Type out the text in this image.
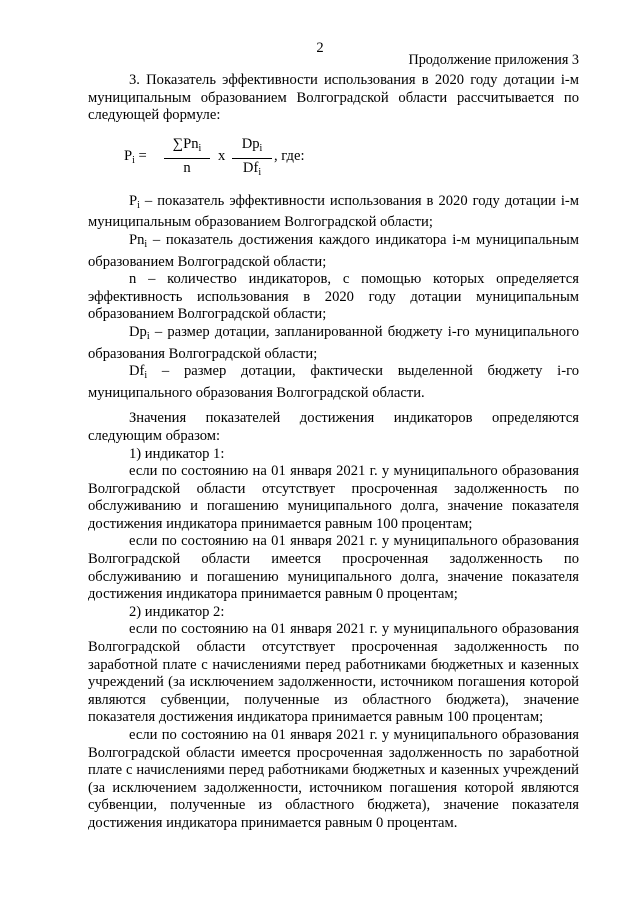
2
Продолжение приложения 3

3. Показатель эффективности использования в 2020 году дотации i-м муниципальным образованием Волгоградской области рассчитывается по следующей формуле:

$P_i$ =
$\sum Pn_i$
n
x
$Dp_i$
$Df_i$
, где:

$P_i$ – показатель эффективности использования в 2020 году дотации i-м муниципальным образованием Волгоградской области;

$Pn_i$ – показатель достижения каждого индикатора i-м муниципальным образованием Волгоградской области;

n – количество индикаторов, с помощью которых определяется эффективность использования в 2020 году дотации муниципальным образованием Волгоградской области;

$Dp_i$ – размер дотации, запланированной бюджету i-го муниципального образования Волгоградской области;

$Df_i$ – размер дотации, фактически выделенной бюджету i-го муниципального образования Волгоградской области.

Значения показателей достижения индикаторов определяются следующим образом:

1) индикатор 1:

если по состоянию на 01 января 2021 г. у муниципального образования Волгоградской области отсутствует просроченная задолженность по обслуживанию и погашению муниципального долга, значение показателя достижения индикатора принимается равным 100 процентам;

если по состоянию на 01 января 2021 г. у муниципального образования Волгоградской области имеется просроченная задолженность по обслуживанию и погашению муниципального долга, значение показателя достижения индикатора принимается равным 0 процентам;

2) индикатор 2:

если по состоянию на 01 января 2021 г. у муниципального образования Волгоградской области отсутствует просроченная задолженность по заработной плате с начислениями перед работниками бюджетных и казенных учреждений (за исключением задолженности, источником погашения которой являются субвенции, полученные из областного бюджета), значение показателя достижения индикатора принимается равным 100 процентам;

если по состоянию на 01 января 2021 г. у муниципального образования Волгоградской области имеется просроченная задолженность по заработной плате с начислениями перед работниками бюджетных и казенных учреждений (за исключением задолженности, источником погашения которой являются субвенции, полученные из областного бюджета), значение показателя достижения индикатора принимается равным 0 процентам.
